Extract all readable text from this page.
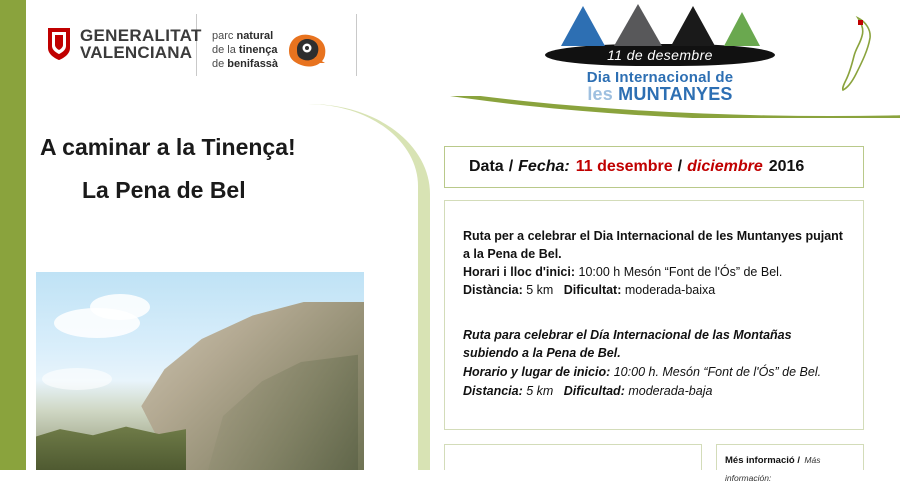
GENERALITAT
VALENCIANA
parc natural
de la tinença
de benifassà
11 de desembre
Dia Internacional de
les MUNTANYES
A caminar a la Tinença!
La Pena de Bel
Data / Fecha: 11 desembre / diciembre 2016

Ruta per a celebrar el Dia Internacional de les Muntanyes pujant

a la Pena de Bel.

Horari i lloc d'inici: 10:00 h Mesón “Font de l'Ós” de Bel.

Distància: 5 km Dificultat: moderada-baixa

Ruta para celebrar el Día Internacional de las Montañas

subiendo a la Pena de Bel.

Horario y lugar de inicio: 10:00 h. Mesón “Font de l'Ós” de Bel.

Distancia: 5 km Dificultad: moderada-baja

Més informació / Más información:
